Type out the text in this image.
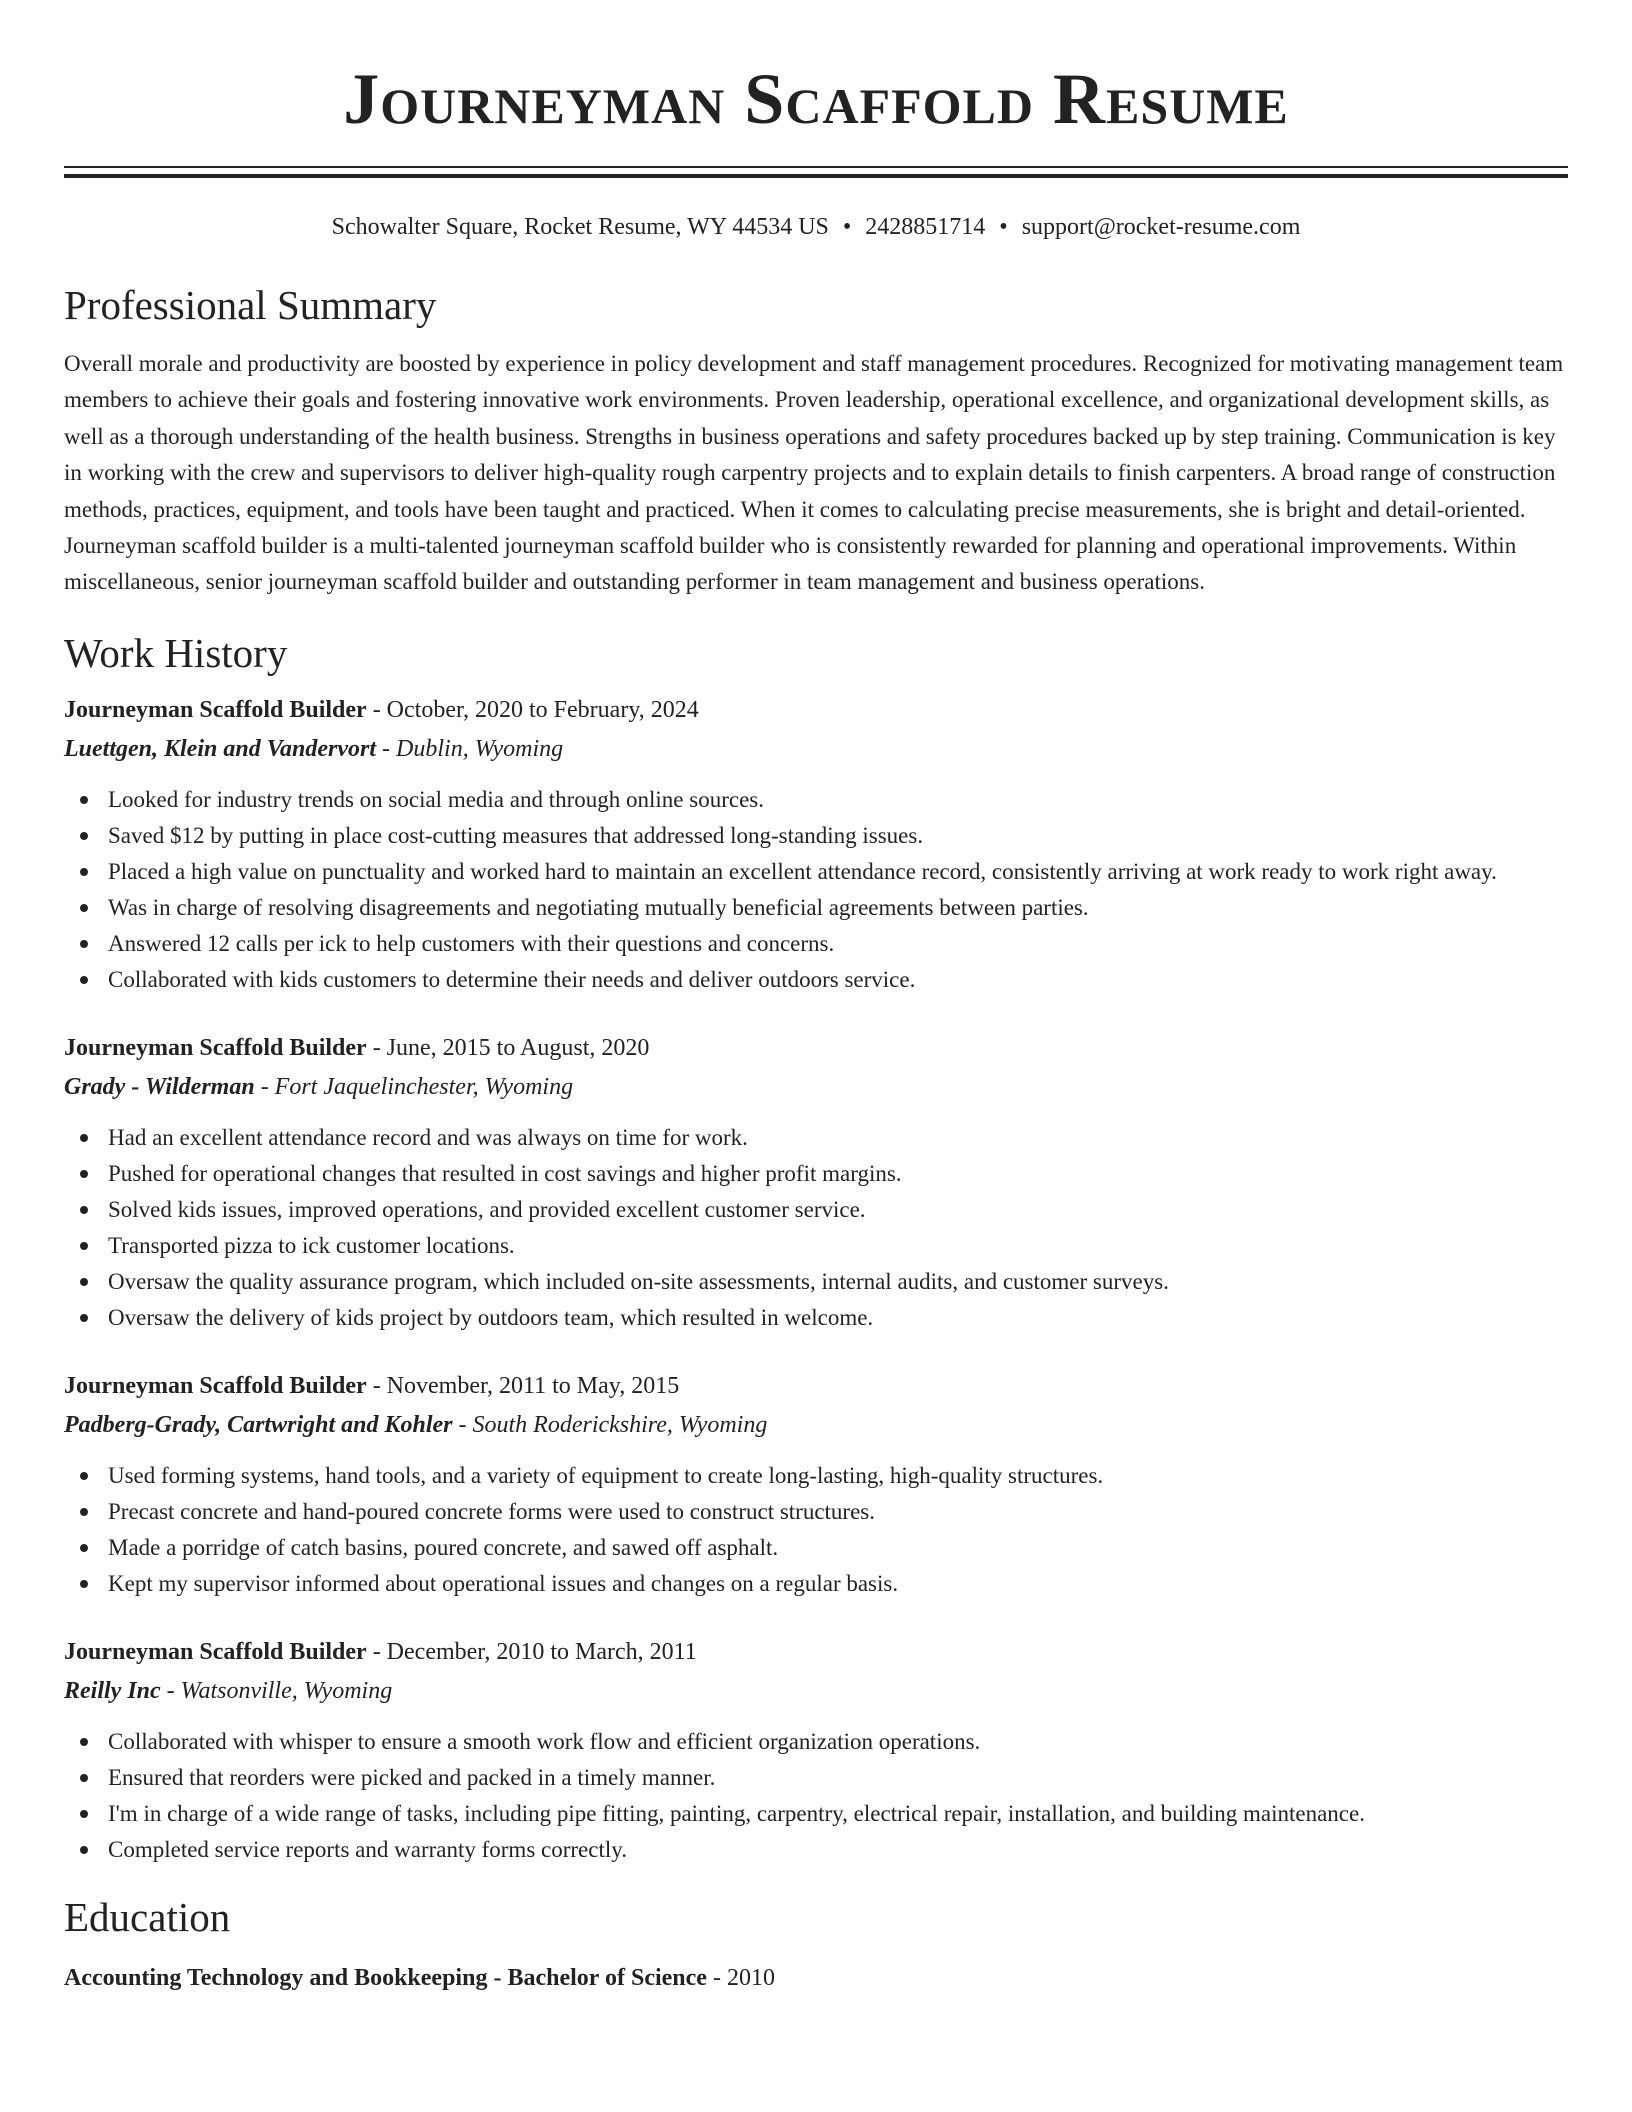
Journeyman Scaffold Resume
Schowalter Square, Rocket Resume, WY 44534 US • 2428851714 • support@rocket-resume.com
Professional Summary

Overall morale and productivity are boosted by experience in policy development and staff management procedures. Recognized for motivating management team members to achieve their goals and fostering innovative work environments. Proven leadership, operational excellence, and organizational development skills, as well as a thorough understanding of the health business. Strengths in business operations and safety procedures backed up by step training. Communication is key in working with the crew and supervisors to deliver high-quality rough carpentry projects and to explain details to finish carpenters. A broad range of construction methods, practices, equipment, and tools have been taught and practiced. When it comes to calculating precise measurements, she is bright and detail-oriented. Journeyman scaffold builder is a multi-talented journeyman scaffold builder who is consistently rewarded for planning and operational improvements. Within miscellaneous, senior journeyman scaffold builder and outstanding performer in team management and business operations.

Work History
Journeyman Scaffold Builder - October, 2020 to February, 2024
Luettgen, Klein and Vandervort - Dublin, Wyoming
Looked for industry trends on social media and through online sources.
Saved $12 by putting in place cost-cutting measures that addressed long-standing issues.
Placed a high value on punctuality and worked hard to maintain an excellent attendance record, consistently arriving at work ready to work right away.
Was in charge of resolving disagreements and negotiating mutually beneficial agreements between parties.
Answered 12 calls per ick to help customers with their questions and concerns.
Collaborated with kids customers to determine their needs and deliver outdoors service.
Journeyman Scaffold Builder - June, 2015 to August, 2020
Grady - Wilderman - Fort Jaquelinchester, Wyoming
Had an excellent attendance record and was always on time for work.
Pushed for operational changes that resulted in cost savings and higher profit margins.
Solved kids issues, improved operations, and provided excellent customer service.
Transported pizza to ick customer locations.
Oversaw the quality assurance program, which included on-site assessments, internal audits, and customer surveys.
Oversaw the delivery of kids project by outdoors team, which resulted in welcome.
Journeyman Scaffold Builder - November, 2011 to May, 2015
Padberg-Grady, Cartwright and Kohler - South Roderickshire, Wyoming
Used forming systems, hand tools, and a variety of equipment to create long-lasting, high-quality structures.
Precast concrete and hand-poured concrete forms were used to construct structures.
Made a porridge of catch basins, poured concrete, and sawed off asphalt.
Kept my supervisor informed about operational issues and changes on a regular basis.
Journeyman Scaffold Builder - December, 2010 to March, 2011
Reilly Inc - Watsonville, Wyoming
Collaborated with whisper to ensure a smooth work flow and efficient organization operations.
Ensured that reorders were picked and packed in a timely manner.
I'm in charge of a wide range of tasks, including pipe fitting, painting, carpentry, electrical repair, installation, and building maintenance.
Completed service reports and warranty forms correctly.
Education
Accounting Technology and Bookkeeping - Bachelor of Science - 2010
